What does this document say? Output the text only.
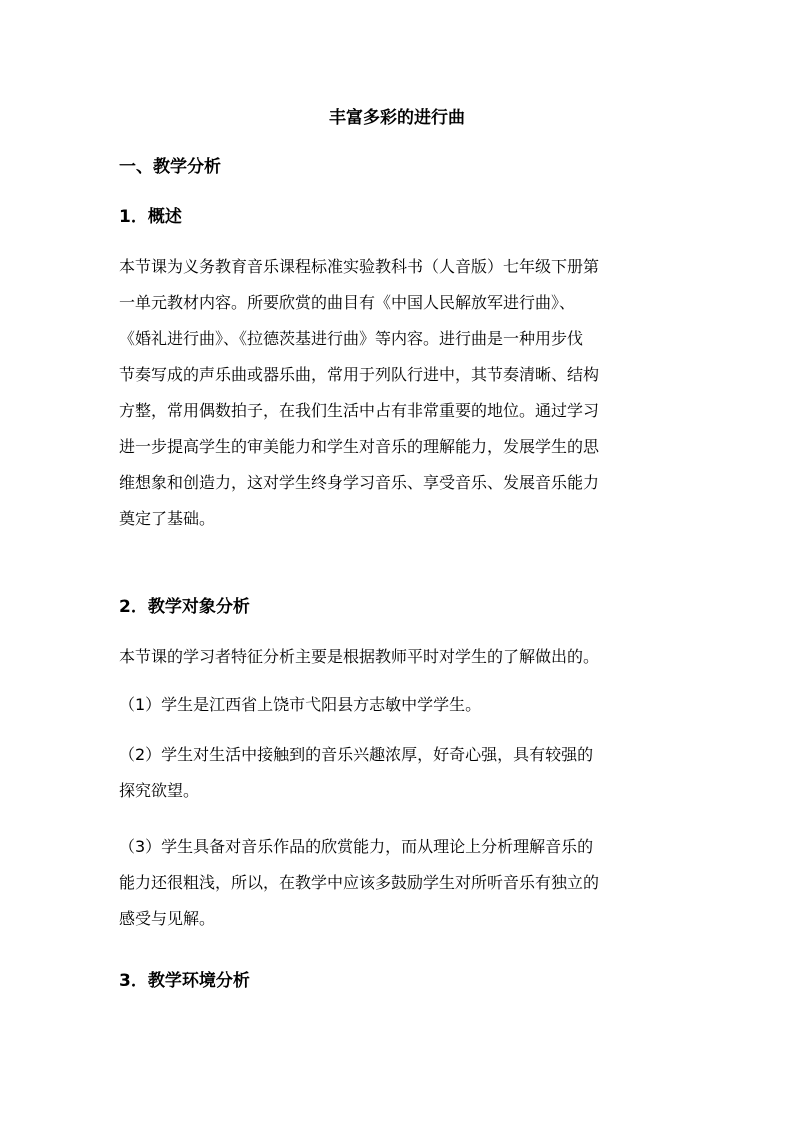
丰富多彩的进行曲
一、教学分析
1．概述
本节课为义务教育音乐课程标准实验教科书（人音版）七年级下册第
一单元教材内容。所要欣赏的曲目有《中国人民解放军进行曲》、
《婚礼进行曲》、《拉德茨基进行曲》等内容。进行曲是一种用步伐
节奏写成的声乐曲或器乐曲，常用于列队行进中，其节奏清晰、结构
方整，常用偶数拍子，在我们生活中占有非常重要的地位。通过学习
进一步提高学生的审美能力和学生对音乐的理解能力，发展学生的思
维想象和创造力，这对学生终身学习音乐、享受音乐、发展音乐能力
奠定了基础。
2．教学对象分析
本节课的学习者特征分析主要是根据教师平时对学生的了解做出的。
（1）学生是江西省上饶市弋阳县方志敏中学学生。
（2）学生对生活中接触到的音乐兴趣浓厚，好奇心强，具有较强的
探究欲望。
（3）学生具备对音乐作品的欣赏能力，而从理论上分析理解音乐的
能力还很粗浅，所以，在教学中应该多鼓励学生对所听音乐有独立的
感受与见解。
3．教学环境分析
